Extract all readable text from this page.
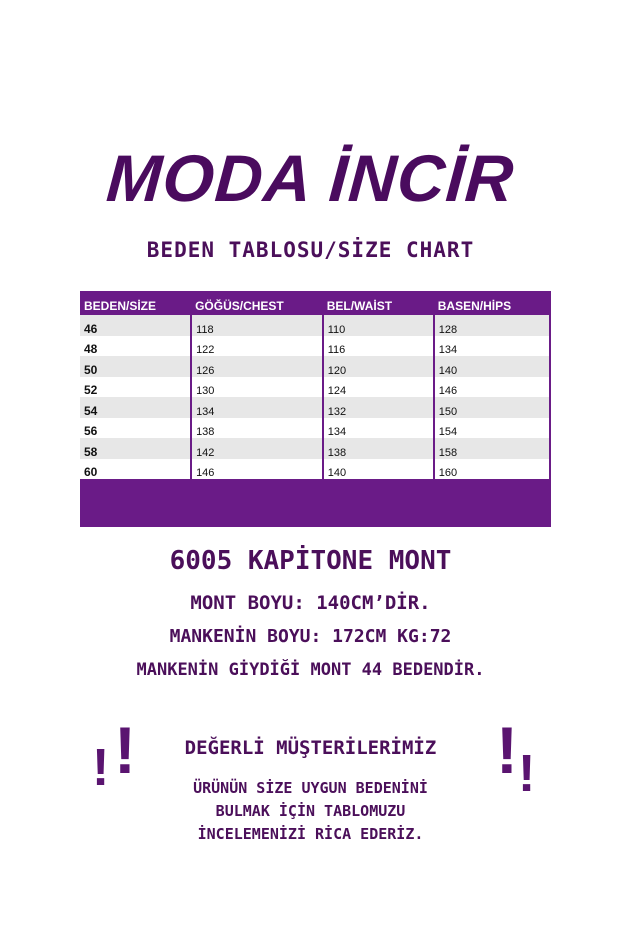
MODA İNCİR
BEDEN TABLOSU/SİZE CHART
BEDEN/SİZE	GÖĞÜS/CHEST	BEL/WAİST	BASEN/HİPS
46	118	110	128
48	122	116	134
50	126	120	140
52	130	124	146
54	134	132	150
56	138	134	154
58	142	138	158
60	146	140	160
6005 KAPİTONE MONT
MONT BOYU: 140CM’DİR.
MANKENİN BOYU: 172CM KG:72
MANKENİN GİYDİĞİ MONT 44 BEDENDİR.
! !	! !
DEĞERLİ MÜŞTERİLERİMİZ
ÜRÜNÜN SİZE UYGUN BEDENİNİ
BULMAK İÇİN TABLOMUZU
İNCELEMENİZİ RİCA EDERİZ.
